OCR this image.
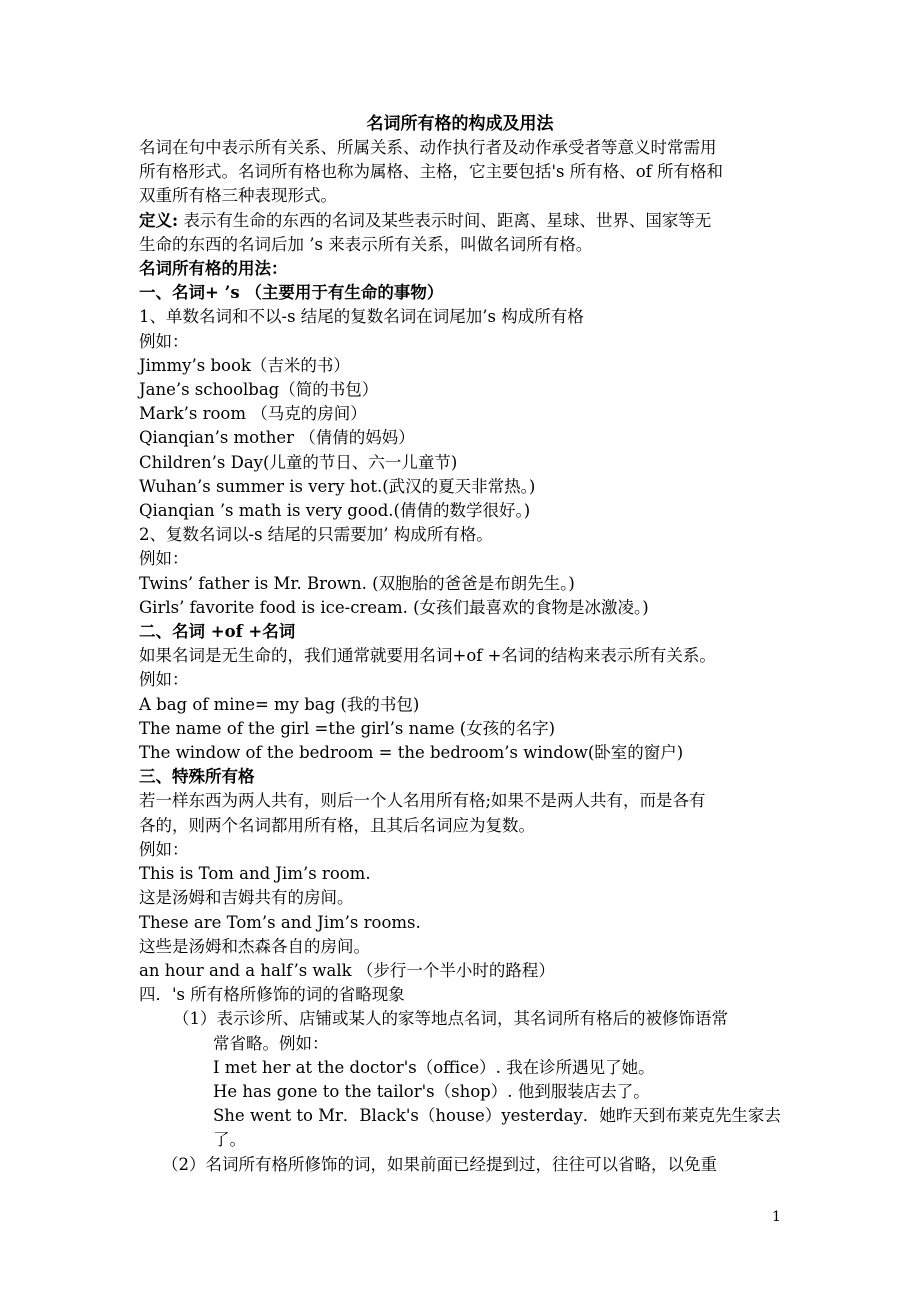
名词所有格的构成及用法
名词在句中表示所有关系、所属关系、动作执行者及动作承受者等意义时常需用
所有格形式。名词所有格也称为属格、主格，它主要包括's 所有格、of 所有格和
双重所有格三种表现形式。
定义: 表示有生命的东西的名词及某些表示时间、距离、星球、世界、国家等无
生命的东西的名词后加 ’s 来表示所有关系，叫做名词所有格。
名词所有格的用法：
一、名词+ ’s （主要用于有生命的事物）
1、单数名词和不以-s 结尾的复数名词在词尾加’s 构成所有格
例如：
Jimmy’s book（吉米的书）
Jane’s schoolbag（简的书包）
Mark’s room （马克的房间）
Qianqian’s mother （倩倩的妈妈）
Children’s Day(儿童的节日、六一儿童节)
Wuhan’s summer is very hot.(武汉的夏天非常热。)
Qianqian ’s math is very good.(倩倩的数学很好。)
2、复数名词以-s 结尾的只需要加’ 构成所有格。
例如：
Twins’ father is Mr. Brown. (双胞胎的爸爸是布朗先生。)
Girls’ favorite food is ice-cream. (女孩们最喜欢的食物是冰激凌。)
二、名词 +of +名词
如果名词是无生命的，我们通常就要用名词+of +名词的结构来表示所有关系。
例如：
A bag of mine= my bag (我的书包)
The name of the girl =the girl’s name (女孩的名字)
The window of the bedroom = the bedroom’s window(卧室的窗户)
三、特殊所有格
若一样东西为两人共有，则后一个人名用所有格;如果不是两人共有，而是各有
各的，则两个名词都用所有格，且其后名词应为复数。
例如：
This is Tom and Jim’s room.
这是汤姆和吉姆共有的房间。
These are Tom’s and Jim’s rooms.
这些是汤姆和杰森各自的房间。
an hour and a half’s walk （步行一个半小时的路程）
四．'s 所有格所修饰的词的省略现象
（1）表示诊所、店铺或某人的家等地点名词，其名词所有格后的被修饰语常
常省略。例如：
I met her at the doctor's（office）. 我在诊所遇见了她。
He has gone to the tailor's（shop）. 他到服装店去了。
She went to Mr．Black's（house）yesterday．她昨天到布莱克先生家去
了。
（2）名词所有格所修饰的词，如果前面已经提到过，往往可以省略，以免重
1
